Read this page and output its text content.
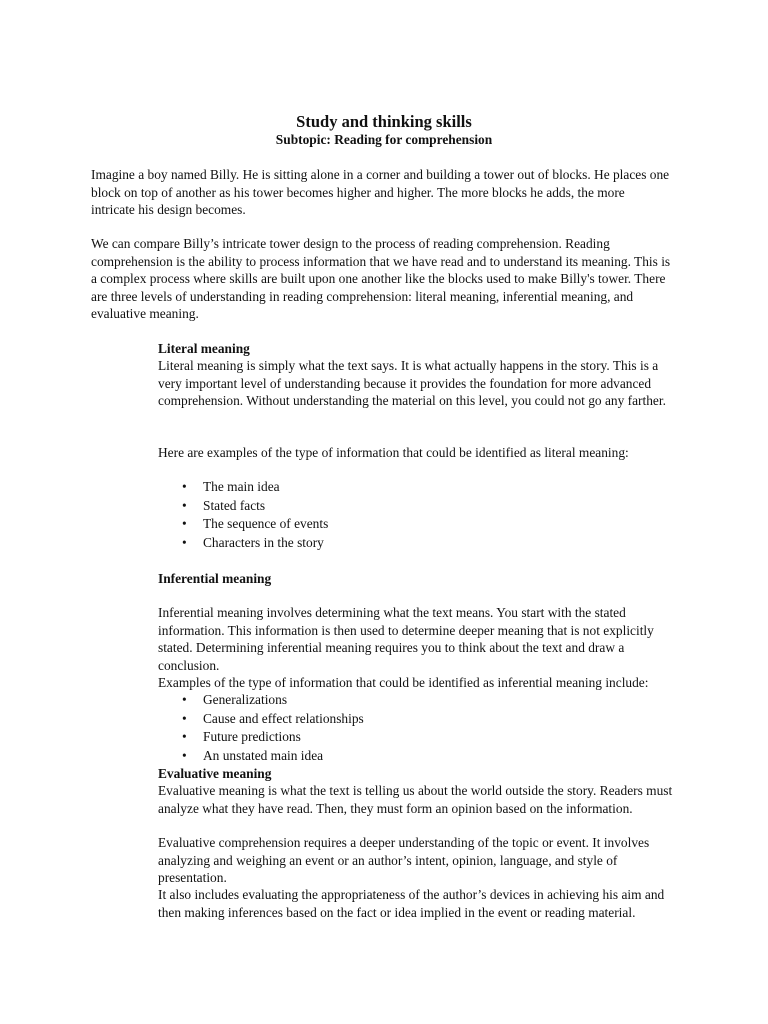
Study and thinking skills
Subtopic: Reading for comprehension

Imagine a boy named Billy. He is sitting alone in a corner and building a tower out of blocks. He places one block on top of another as his tower becomes higher and higher. The more blocks he adds, the more intricate his design becomes.

We can compare Billy’s intricate tower design to the process of reading comprehension. Reading comprehension is the ability to process information that we have read and to understand its meaning. This is a complex process where skills are built upon one another like the blocks used to make Billy's tower. There are three levels of understanding in reading comprehension: literal meaning, inferential meaning, and evaluative meaning.

Literal meaning

Literal meaning is simply what the text says. It is what actually happens in the story. This is a very important level of understanding because it provides the foundation for more advanced comprehension. Without understanding the material on this level, you could not go any farther.

Here are examples of the type of information that could be identified as literal meaning:

• The main idea
• Stated facts
• The sequence of events
• Characters in the story

Inferential meaning

Inferential meaning involves determining what the text means. You start with the stated information. This information is then used to determine deeper meaning that is not explicitly stated. Determining inferential meaning requires you to think about the text and draw a conclusion.

Examples of the type of information that could be identified as inferential meaning include:

• Generalizations
• Cause and effect relationships
• Future predictions
• An unstated main idea

Evaluative meaning

Evaluative meaning is what the text is telling us about the world outside the story. Readers must analyze what they have read. Then, they must form an opinion based on the information.

Evaluative comprehension requires a deeper understanding of the topic or event. It involves analyzing and weighing an event or an author’s intent, opinion, language, and style of presentation.

It also includes evaluating the appropriateness of the author’s devices in achieving his aim and then making inferences based on the fact or idea implied in the event or reading material.
